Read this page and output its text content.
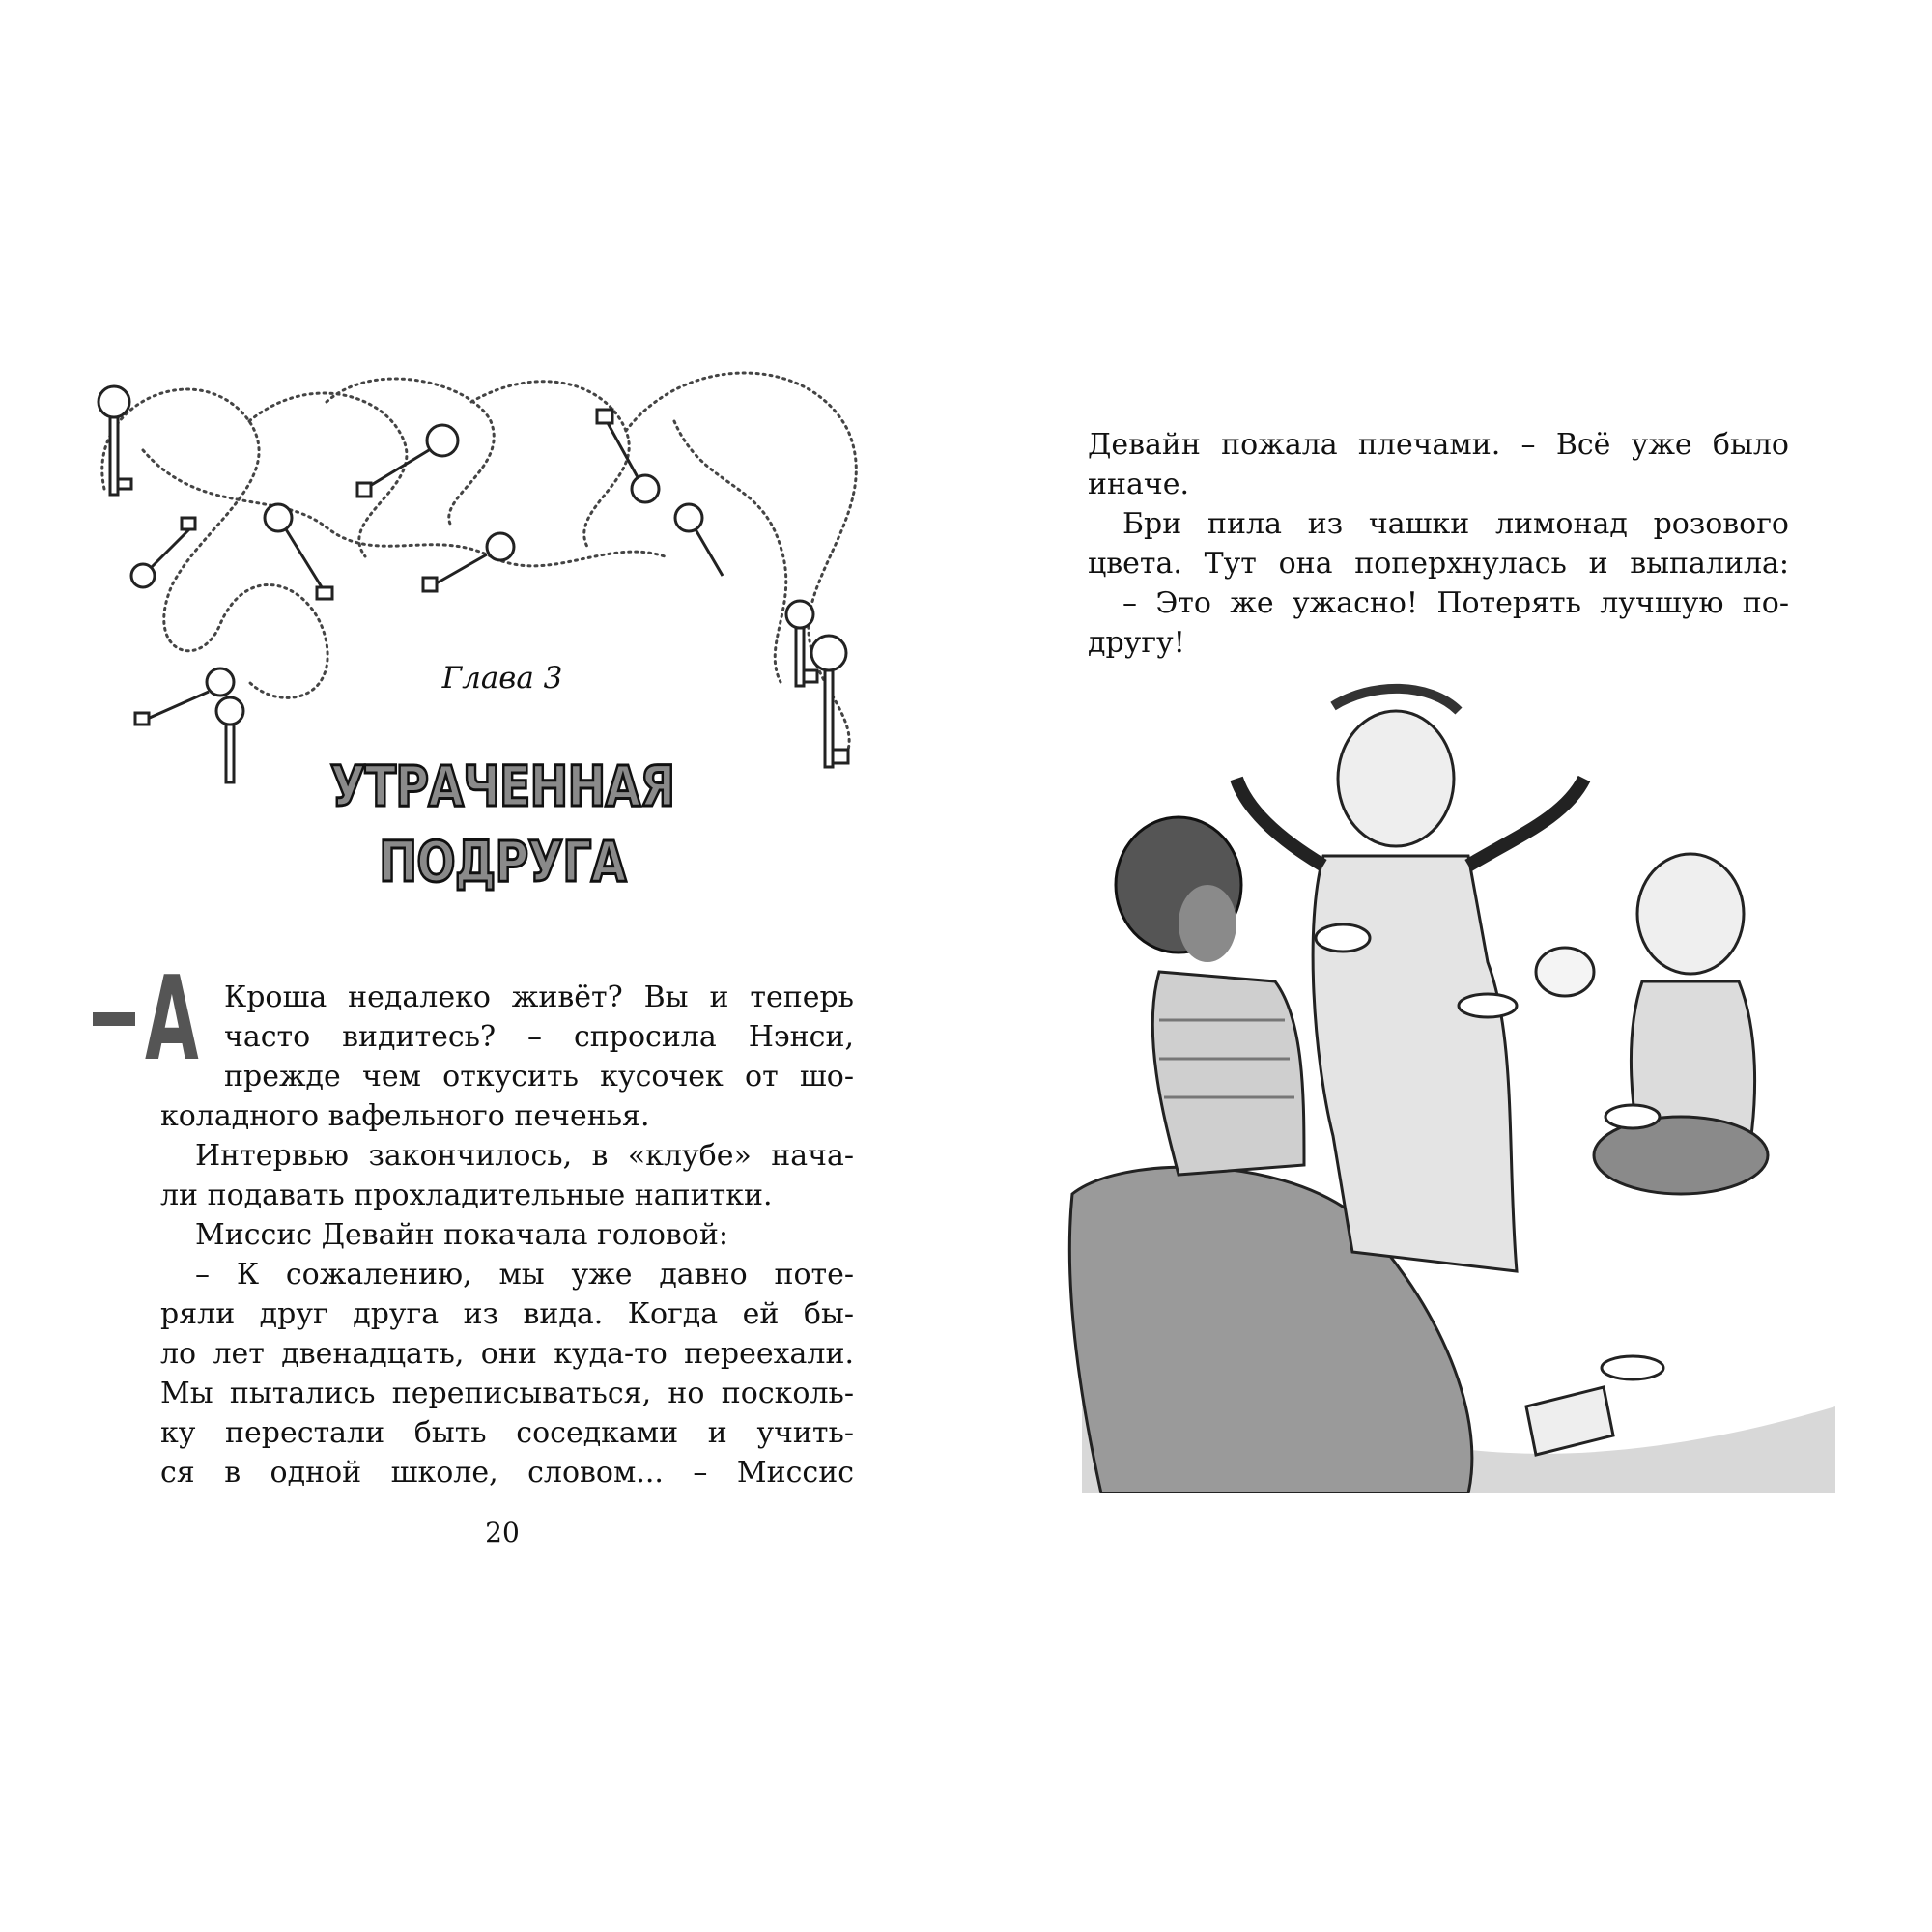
Глава 3
УТРАЧЕННАЯ
ПОДРУГА
А Кроша недалеко живёт? Вы и теперь
часто видитесь? – спросила Нэнси,
прежде чем откусить кусочек от шо-
коладного вафельного печенья.
Интервью закончилось, в «клубе» нача-
ли подавать прохладительные напитки.
Миссис Девайн покачала головой:
– К сожалению, мы уже давно поте-
ряли друг друга из вида. Когда ей бы-
ло лет двенадцать, они куда-то переехали.
Мы пытались переписываться, но посколь-
ку перестали быть соседками и учить-
ся в одной школе, словом... – Миссис
20
Девайн пожала плечами. – Всё уже было
иначе.
Бри пила из чашки лимонад розового
цвета. Тут она поперхнулась и выпалила:
– Это же ужасно! Потерять лучшую по-
другу!
